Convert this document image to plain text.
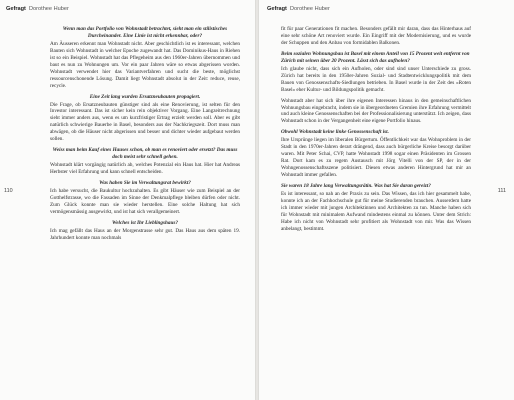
Gefragt Dorothee Huber
110

Wenn man das Portfolio von Wohnstadt betrachtet, sieht man ein stilistisches Durcheinander. Eine Linie ist nicht erkennbar, oder?

Am Äusseren erkennt man Wohnstadt nicht. Aber geschichtlich ist es interessant, welchen Bauten sich Wohnstadt in welcher Epoche zugewandt hat. Das Dominikus-Haus in Riehen ist so ein Beispiel. Wohnstadt hat das Pflegeheim aus den 1960er-Jahren übernommen und baut es nun zu Wohnungen um. Vor ein paar Jahren wäre so etwas abgerissen worden. Wohnstadt verwendet hier das Variantverfahren und sucht die beste, möglichst ressourcenschonende Lösung. Damit liegt Wohnstadt absolut in der Zeit: reduce, reuse, recycle.

Eine Zeit lang wurden Ersatzneubauten propagiert.

Die Frage, ob Ersatzneubauten günstiger sind als eine Renovierung, ist selten für den Investor interessant. Das ist sicher kein rein objektiver Vorgang. Eine Langzeitrechnung sieht immer anders aus, wenn es um kurzfristiger Ertrag erzielt werden soll. Aber es gibt natürlich schwierige Bauerbe in Basel, besonders aus der Nachkriegszeit. Dort muss man abwägen, ob die Häuser nicht abgerissen und besser und dichter wieder aufgebaut werden sollen.

Weiss man beim Kauf eines Hauses schon, ob man es renoviert oder ersetzt? Das muss doch meist sehr schnell gehen.

Wohnstadt klärt vorgängig natürlich ab, welches Potenzial ein Haus hat. Hier hat Andreas Herbster viel Erfahrung und kann schnell entscheiden.

Was haben Sie im Verwaltungsrat bewirkt?

Ich habe versucht, die Baukultur hochzuhalten. Es gibt Häuser wie zum Beispiel an der Gotthelfstrasse, wo die Fassaden im Sinne der Denkmalpflege bleiben dürfen oder nicht. Zum Glück konnte man sie wieder herstellen. Eine solche Haltung hat sich vermögensmässig ausgewirkt, und ist hat sich verallgemeinert.

Welches ist Ihr Lieblingshaus?

Ich mag gefällt das Haus an der Morgenstrasse sehr gut. Das Haus aus dem späten 19. Jahrhundert konnte man nochmals

Gefragt Dorothee Huber
111

fit für paar Generationen fit machen. Besonders gefällt mir daran, dass das Hinterhaus auf eine sehr schöne Art renoviert wurde. Ein Eingriff mit der Modernisierung, und es wurde der Schuppen und den Anbau von formidablen Balkonen.

Beim sozialen Wohnungsbau ist Basel mit einem Anteil von 15 Prozent weit entfernt von Zürich mit seinen über 20 Prozent. Lässt sich das aufholen?

Ich glaube nicht, dass sich ein Aufholen, oder sind sind unser Unterschiede zu gross. Zürich hat bereits in den 1950er-Jahren Sozial- und Stadtentwicklungspolitik mit dem Bauen von Genossenschafts-Siedlungen betrieben. In Basel wurde in der Zeit des «Roten Basel» eher Kultur- und Bildungspolitik gemacht.

Wohnstadt aber hat sich über ihre eigenen Interessen hinaus in den gemeinschaftlichen Wohnungsbau eingebracht, indem sie in übergeordneten Gremien ihre Erfahrung vermittelt und auch kleine Genossenschaften bei der Professionalisierung unterstützt. Ich zeigen, dass Wohnstadt schon in der Vergangenheit eine eigene Portfolio hinaus.

Obwohl Wohnstadt keine linke Genossenschaft ist.

Ihre Ursprünge liegen im liberalen Bürgertum. Öffentlichkeit war das Wohnproblem in der Stadt in den 1970er-Jahren derart drängend, dass auch bürgerliche Kreise besorgt darüber waren. Mit Peter Schai, CVP, hatte Wohnstadt 1998 sogar einen Präsidenten im Grossen Rat. Dort kam es zu regem Austausch mit Jörg Vitelli von der SP, der in der Wohngenossenschaftsszene politisiert. Diesen etwas anderen Hintergrund hat mir an Wohnstadt immer gefallen.

Sie waren 18 Jahre lang Verwaltungsrätin. Was hat Sie daran gereizt?

Es ist interessant, so nah an der Praxis zu sein. Das Wissen, das ich hier gesammelt habe, konnte ich an der Fachhochschule gut für meine Studierenden brauchen. Ausserdem hatte ich immer wieder mit jungen Architektinnen und Architekten zu tun. Manche haben sich für Wohnstadt mit minimalem Aufwand mindestens einmal zu können. Unter dem Strich: Habe ich nicht von Wohnstadt sehr profitiert als Wohnstadt von mir. Was das Wissen anbelangt, bestimmt.
